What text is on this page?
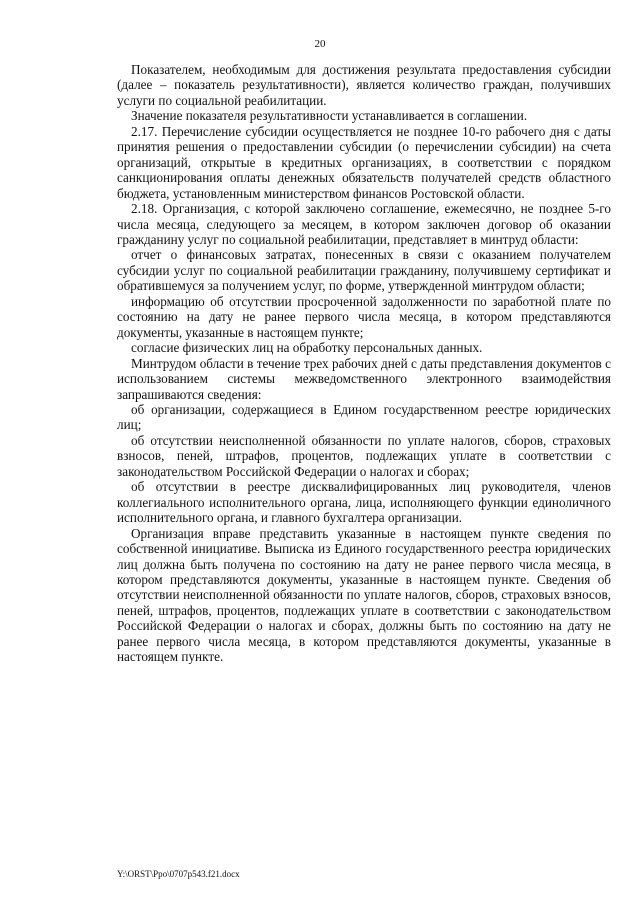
20

Показателем, необходимым для достижения результата предоставления субсидии (далее – показатель результативности), является количество граждан, получивших услуги по социальной реабилитации.

Значение показателя результативности устанавливается в соглашении.

2.17. Перечисление субсидии осуществляется не позднее 10-го рабочего дня с даты принятия решения о предоставлении субсидии (о перечислении субсидии) на счета организаций, открытые в кредитных организациях, в соответствии с порядком санкционирования оплаты денежных обязательств получателей средств областного бюджета, установленным министерством финансов Ростовской области.

2.18. Организация, с которой заключено соглашение, ежемесячно, не позднее 5-го числа месяца, следующего за месяцем, в котором заключен договор об оказании гражданину услуг по социальной реабилитации, представляет в минтруд области:

отчет о финансовых затратах, понесенных в связи с оказанием получателем субсидии услуг по социальной реабилитации гражданину, получившему сертификат и обратившемуся за получением услуг, по форме, утвержденной минтрудом области;

информацию об отсутствии просроченной задолженности по заработной плате по состоянию на дату не ранее первого числа месяца, в котором представляются документы, указанные в настоящем пункте;

согласие физических лиц на обработку персональных данных.

Минтрудом области в течение трех рабочих дней с даты представления документов с использованием системы межведомственного электронного взаимодействия запрашиваются сведения:

об организации, содержащиеся в Едином государственном реестре юридических лиц;

об отсутствии неисполненной обязанности по уплате налогов, сборов, страховых взносов, пеней, штрафов, процентов, подлежащих уплате в соответствии с законодательством Российской Федерации о налогах и сборах;

об отсутствии в реестре дисквалифицированных лиц руководителя, членов коллегиального исполнительного органа, лица, исполняющего функции единоличного исполнительного органа, и главного бухгалтера организации.

Организация вправе представить указанные в настоящем пункте сведения по собственной инициативе. Выписка из Единого государственного реестра юридических лиц должна быть получена по состоянию на дату не ранее первого числа месяца, в котором представляются документы, указанные в настоящем пункте. Сведения об отсутствии неисполненной обязанности по уплате налогов, сборов, страховых взносов, пеней, штрафов, процентов, подлежащих уплате в соответствии с законодательством Российской Федерации о налогах и сборах, должны быть по состоянию на дату не ранее первого числа месяца, в котором представляются документы, указанные в настоящем пункте.

Y:\ORST\Ppo\0707p543.f21.docx
